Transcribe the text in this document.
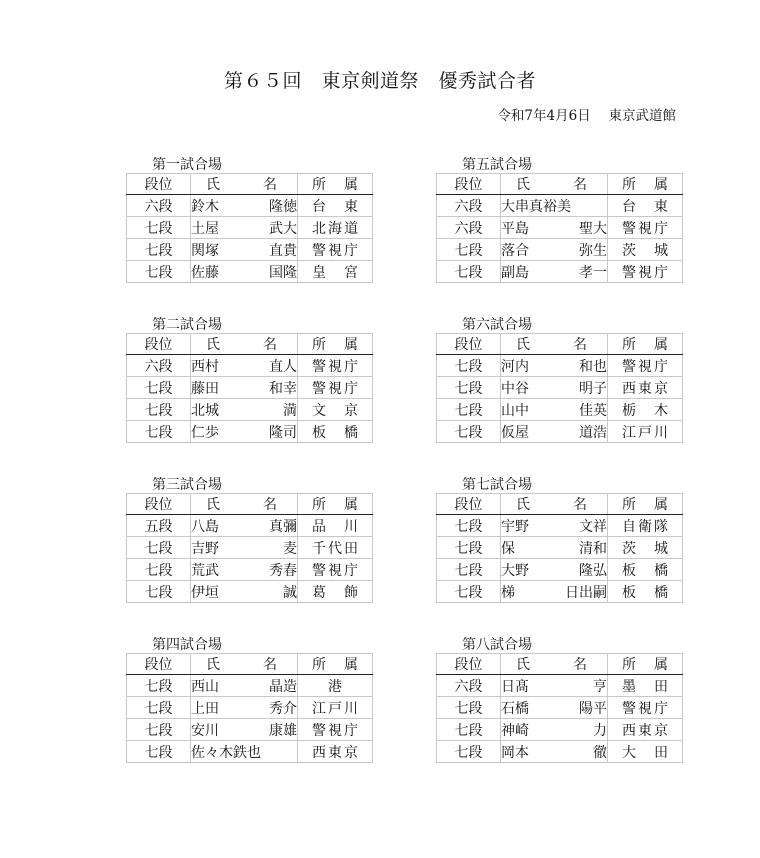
第６５回　東京剣道祭　優秀試合者
令和7年4月6日　 東京武道館
第一試合場
段位	氏 名	所　属
六段	鈴木 隆徳	台　東
七段	土屋 武大	北海道
七段	関塚 直貴	警視庁
七段	佐藤 国隆	皇　宮
第二試合場
段位	氏 名	所　属
六段	西村 直人	警視庁
七段	藤田 和幸	警視庁
七段	北城 満	文　京
七段	仁歩 隆司	板　橋
第三試合場
段位	氏 名	所　属
五段	八島 真彌	品　川
七段	吉野 麦	千代田
七段	荒武 秀春	警視庁
七段	伊垣 誠	葛　飾
第四試合場
段位	氏 名	所　属
七段	西山 晶造	港
七段	上田 秀介	江戸川
七段	安川 康雄	警視庁
七段	佐々木鉄也	西東京
第五試合場
段位	氏 名	所　属
六段	大串真裕美	台　東
六段	平島 聖大	警視庁
七段	落合 弥生	茨　城
七段	副島 孝一	警視庁
第六試合場
段位	氏 名	所　属
七段	河内 和也	警視庁
七段	中谷 明子	西東京
七段	山中 佳英	栃　木
七段	仮屋 道浩	江戸川
第七試合場
段位	氏 名	所　属
七段	宇野 文祥	自衛隊
七段	保 清和	茨　城
七段	大野 隆弘	板　橋
七段	梯 日出嗣	板　橋
第八試合場
段位	氏 名	所　属
六段	日髙 亨	墨　田
七段	石橋 陽平	警視庁
七段	神崎 力	西東京
七段	岡本 徹	大　田
